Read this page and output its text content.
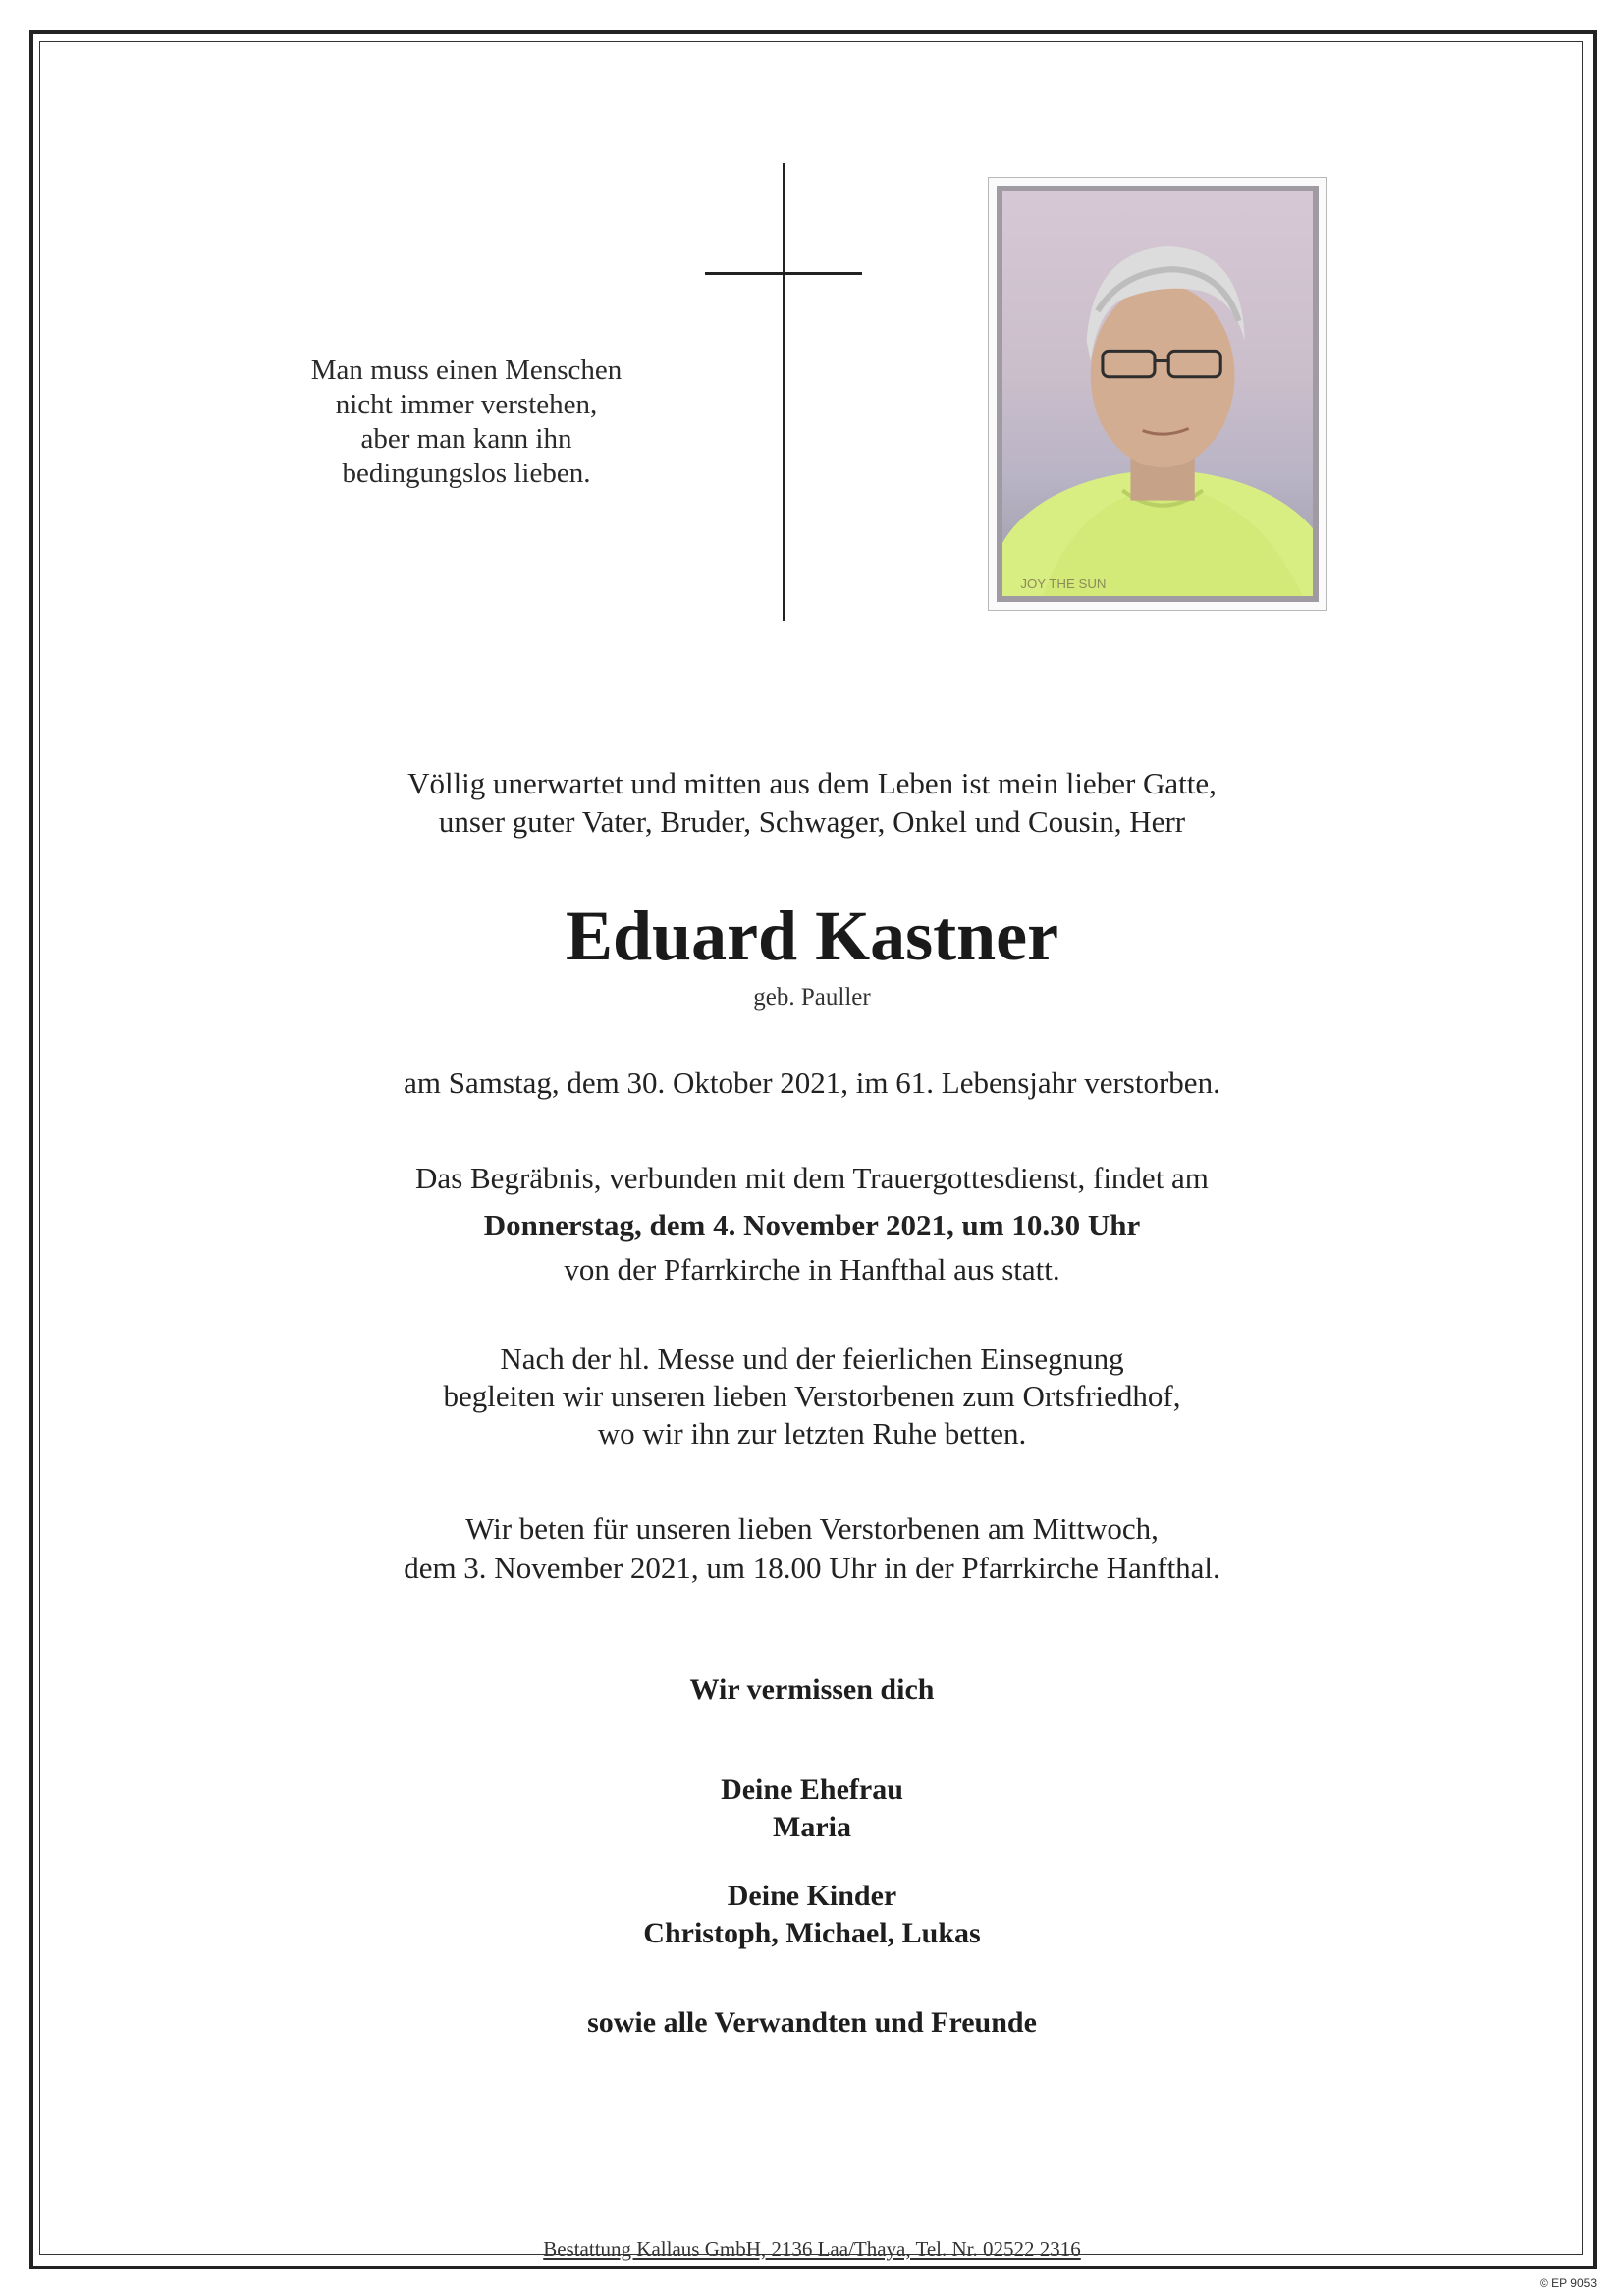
Man muss einen Menschen
nicht immer verstehen,
aber man kann ihn
bedingungslos lieben.
JOY THE SUN
Völlig unerwartet und mitten aus dem Leben ist mein lieber Gatte,
unser guter Vater, Bruder, Schwager, Onkel und Cousin, Herr
Eduard Kastner
geb. Pauller
am Samstag, dem 30. Oktober 2021, im 61. Lebensjahr verstorben.
Das Begräbnis, verbunden mit dem Trauergottesdienst, findet am
Donnerstag, dem 4. November 2021, um 10.30 Uhr
von der Pfarrkirche in Hanfthal aus statt.
Nach der hl. Messe und der feierlichen Einsegnung
begleiten wir unseren lieben Verstorbenen zum Ortsfriedhof,
wo wir ihn zur letzten Ruhe betten.
Wir beten für unseren lieben Verstorbenen am Mittwoch,
dem 3. November 2021, um 18.00 Uhr in der Pfarrkirche Hanfthal.
Wir vermissen dich
Deine Ehefrau
Maria
Deine Kinder
Christoph, Michael, Lukas
sowie alle Verwandten und Freunde
Bestattung Kallaus GmbH, 2136 Laa/Thaya, Tel. Nr. 02522 2316
© EP 9053
